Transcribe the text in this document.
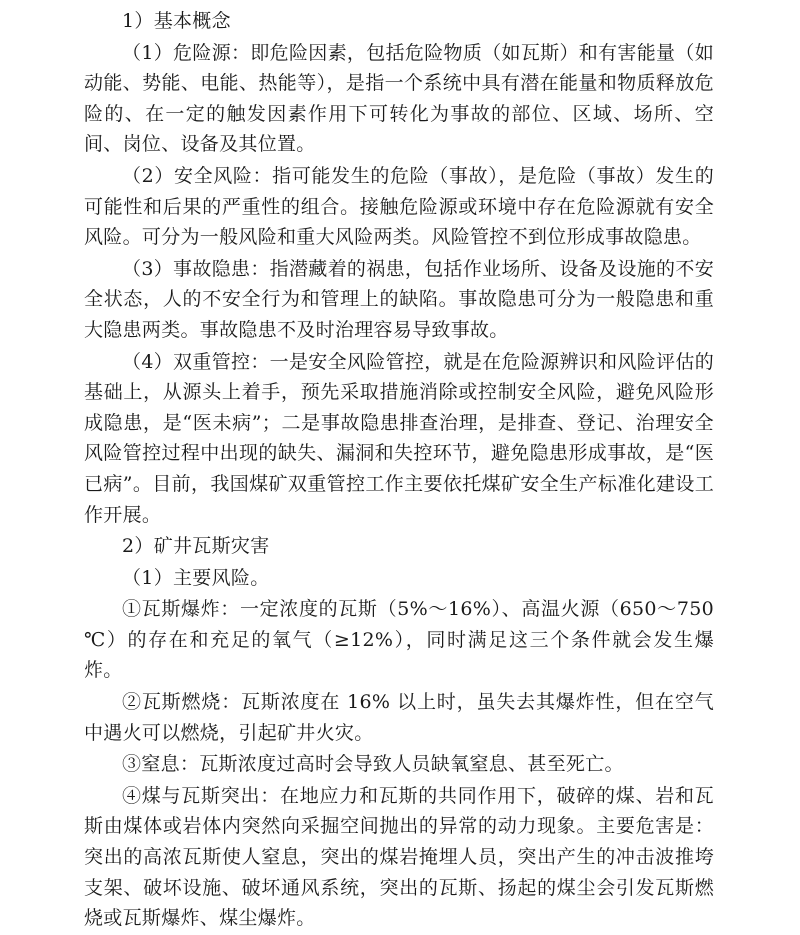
1）基本概念

（1）危险源：即危险因素，包括危险物质（如瓦斯）和有害能量（如动能、势能、电能、热能等），是指一个系统中具有潜在能量和物质释放危险的、在一定的触发因素作用下可转化为事故的部位、区域、场所、空间、岗位、设备及其位置。

（2）安全风险：指可能发生的危险（事故），是危险（事故）发生的可能性和后果的严重性的组合。接触危险源或环境中存在危险源就有安全风险。可分为一般风险和重大风险两类。风险管控不到位形成事故隐患。

（3）事故隐患：指潜藏着的祸患，包括作业场所、设备及设施的不安全状态，人的不安全行为和管理上的缺陷。事故隐患可分为一般隐患和重大隐患两类。事故隐患不及时治理容易导致事故。

（4）双重管控：一是安全风险管控，就是在危险源辨识和风险评估的基础上，从源头上着手，预先采取措施消除或控制安全风险，避免风险形成隐患，是“医未病”；二是事故隐患排查治理，是排查、登记、治理安全风险管控过程中出现的缺失、漏洞和失控环节，避免隐患形成事故，是“医已病”。目前，我国煤矿双重管控工作主要依托煤矿安全生产标准化建设工作开展。

2）矿井瓦斯灾害

（1）主要风险。

①瓦斯爆炸：一定浓度的瓦斯（5%～16%）、高温火源（650～750 ℃）的存在和充足的氧气（≥12%），同时满足这三个条件就会发生爆炸。

②瓦斯燃烧：瓦斯浓度在 16% 以上时，虽失去其爆炸性，但在空气中遇火可以燃烧，引起矿井火灾。

③窒息：瓦斯浓度过高时会导致人员缺氧窒息、甚至死亡。

④煤与瓦斯突出：在地应力和瓦斯的共同作用下，破碎的煤、岩和瓦斯由煤体或岩体内突然向采掘空间抛出的异常的动力现象。主要危害是：突出的高浓瓦斯使人窒息，突出的煤岩掩埋人员，突出产生的冲击波推垮支架、破坏设施、破坏通风系统，突出的瓦斯、扬起的煤尘会引发瓦斯燃烧或瓦斯爆炸、煤尘爆炸。
